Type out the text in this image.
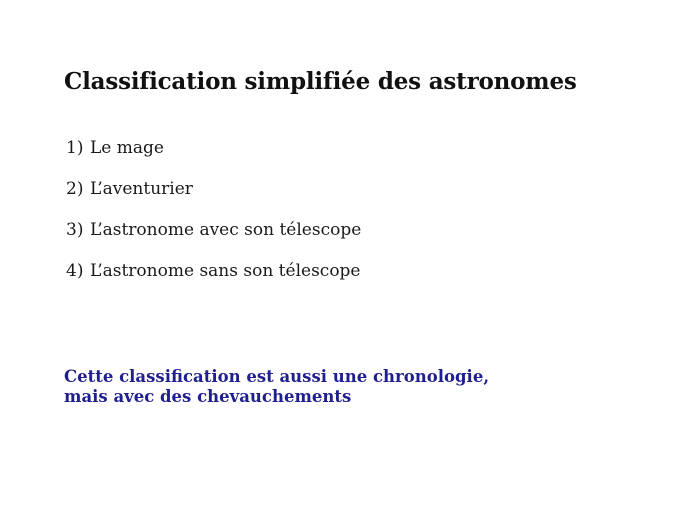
Classification simplifiée des astronomes
1) Le mage
2) L’aventurier
3) L’astronome avec son télescope
4) L’astronome sans son télescope
Cette classification est aussi une chronologie,
mais avec des chevauchements
